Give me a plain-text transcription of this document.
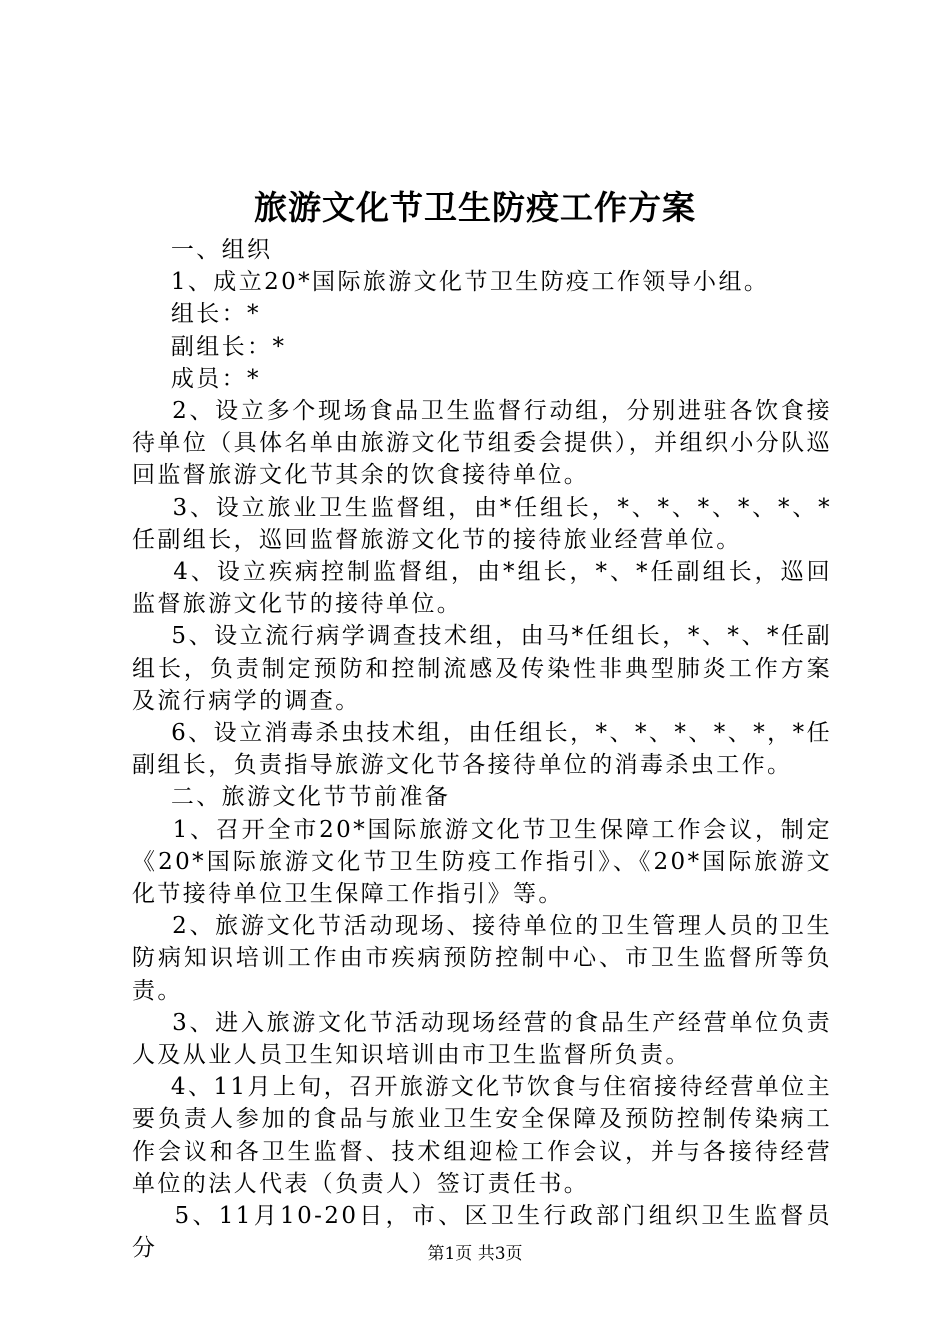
旅游文化节卫生防疫工作方案

一、组织

1、成立20*国际旅游文化节卫生防疫工作领导小组。

组长：*

副组长：*

成员：*

2、设立多个现场食品卫生监督行动组，分别进驻各饮食接待单位（具体名单由旅游文化节组委会提供），并组织小分队巡回监督旅游文化节其余的饮食接待单位。

3、设立旅业卫生监督组，由*任组长，*、*、*、*、*、*任副组长，巡回监督旅游文化节的接待旅业经营单位。

4、设立疾病控制监督组，由*组长，*、*任副组长，巡回监督旅游文化节的接待单位。

5、设立流行病学调查技术组，由马*任组长，*、*、*任副组长，负责制定预防和控制流感及传染性非典型肺炎工作方案及流行病学的调查。

6、设立消毒杀虫技术组，由任组长，*、*、*、*、*，*任副组长，负责指导旅游文化节各接待单位的消毒杀虫工作。

二、旅游文化节节前准备

1、召开全市20*国际旅游文化节卫生保障工作会议，制定《20*国际旅游文化节卫生防疫工作指引》、《20*国际旅游文化节接待单位卫生保障工作指引》等。

2、旅游文化节活动现场、接待单位的卫生管理人员的卫生防病知识培训工作由市疾病预防控制中心、市卫生监督所等负责。

3、进入旅游文化节活动现场经营的食品生产经营单位负责人及从业人员卫生知识培训由市卫生监督所负责。

4、11月上旬，召开旅游文化节饮食与住宿接待经营单位主要负责人参加的食品与旅业卫生安全保障及预防控制传染病工作会议和各卫生监督、技术组迎检工作会议，并与各接待经营单位的法人代表（负责人）签订责任书。

5、11月10-20日，市、区卫生行政部门组织卫生监督员分	第1页 共3页
